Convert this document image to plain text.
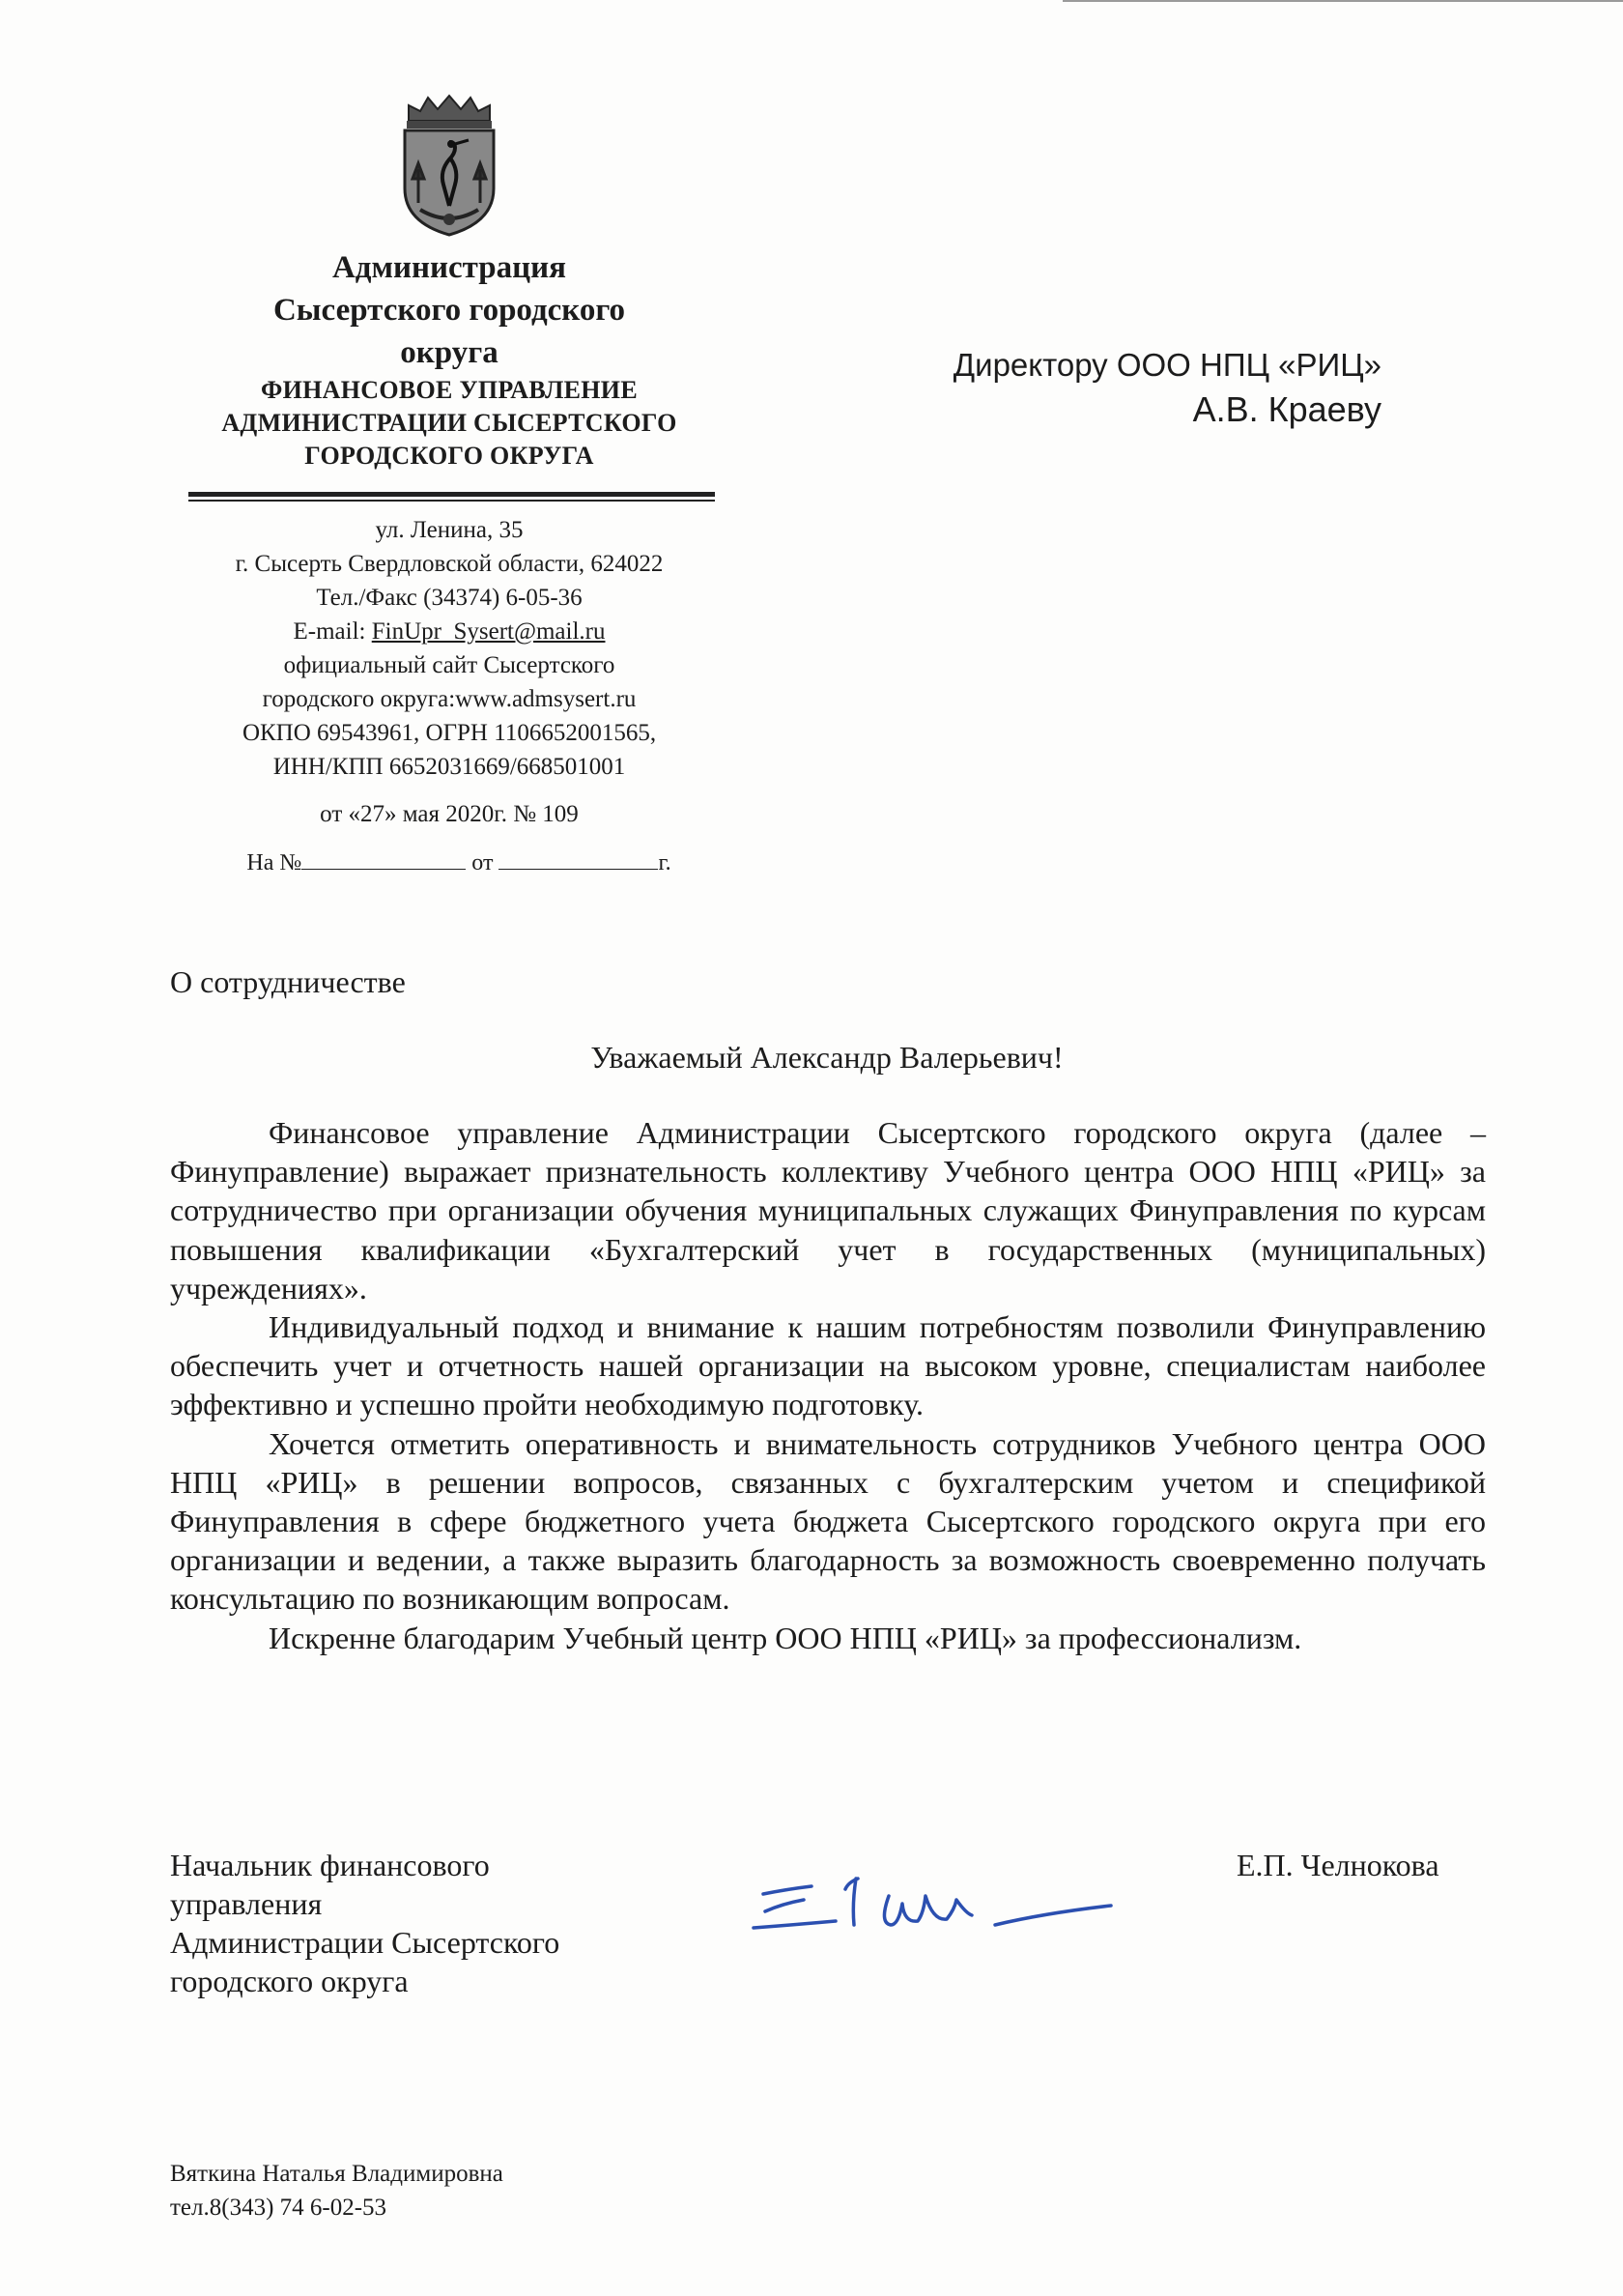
Администрация
Сысертского городского
округа
ФИНАНСОВОЕ УПРАВЛЕНИЕ
АДМИНИСТРАЦИИ СЫСЕРТСКОГО
ГОРОДСКОГО ОКРУГА
ул. Ленина, 35
г. Сысерть Свердловской области, 624022
Тел./Факс (34374) 6-05-36
E-mail: FinUpr_Sysert@mail.ru
официальный сайт Сысертского
городского округа:www.admsysert.ru
ОКПО 69543961, ОГРН 1106652001565,
ИНН/КПП 6652031669/668501001
от «27» мая 2020г. № 109
На №	от	г.
Директору ООО НПЦ «РИЦ»
А.В. Краеву
О сотрудничестве
Уважаемый Александр Валерьевич!

Финансовое управление Администрации Сысертского городского округа (далее – Финуправление) выражает признательность коллективу Учебного центра ООО НПЦ «РИЦ» за сотрудничество при организации обучения муниципальных служащих Финуправления по курсам повышения квалификации «Бухгалтерский учет в государственных (муниципальных) учреждениях».

Индивидуальный подход и внимание к нашим потребностям позволили Финуправлению обеспечить учет и отчетность нашей организации на высоком уровне, специалистам наиболее эффективно и успешно пройти необходимую подготовку.

Хочется отметить оперативность и внимательность сотрудников Учебного центра ООО НПЦ «РИЦ» в решении вопросов, связанных с бухгалтерским учетом и спецификой Финуправления в сфере бюджетного учета бюджета Сысертского городского округа при его организации и ведении, а также выразить благодарность за возможность своевременно получать консультацию по возникающим вопросам.

Искренне благодарим Учебный центр ООО НПЦ «РИЦ» за профессионализм.

Начальник финансового
управления
Администрации Сысертского
городского округа
Е.П. Челнокова
Вяткина Наталья Владимировна
тел.8(343) 74 6-02-53
